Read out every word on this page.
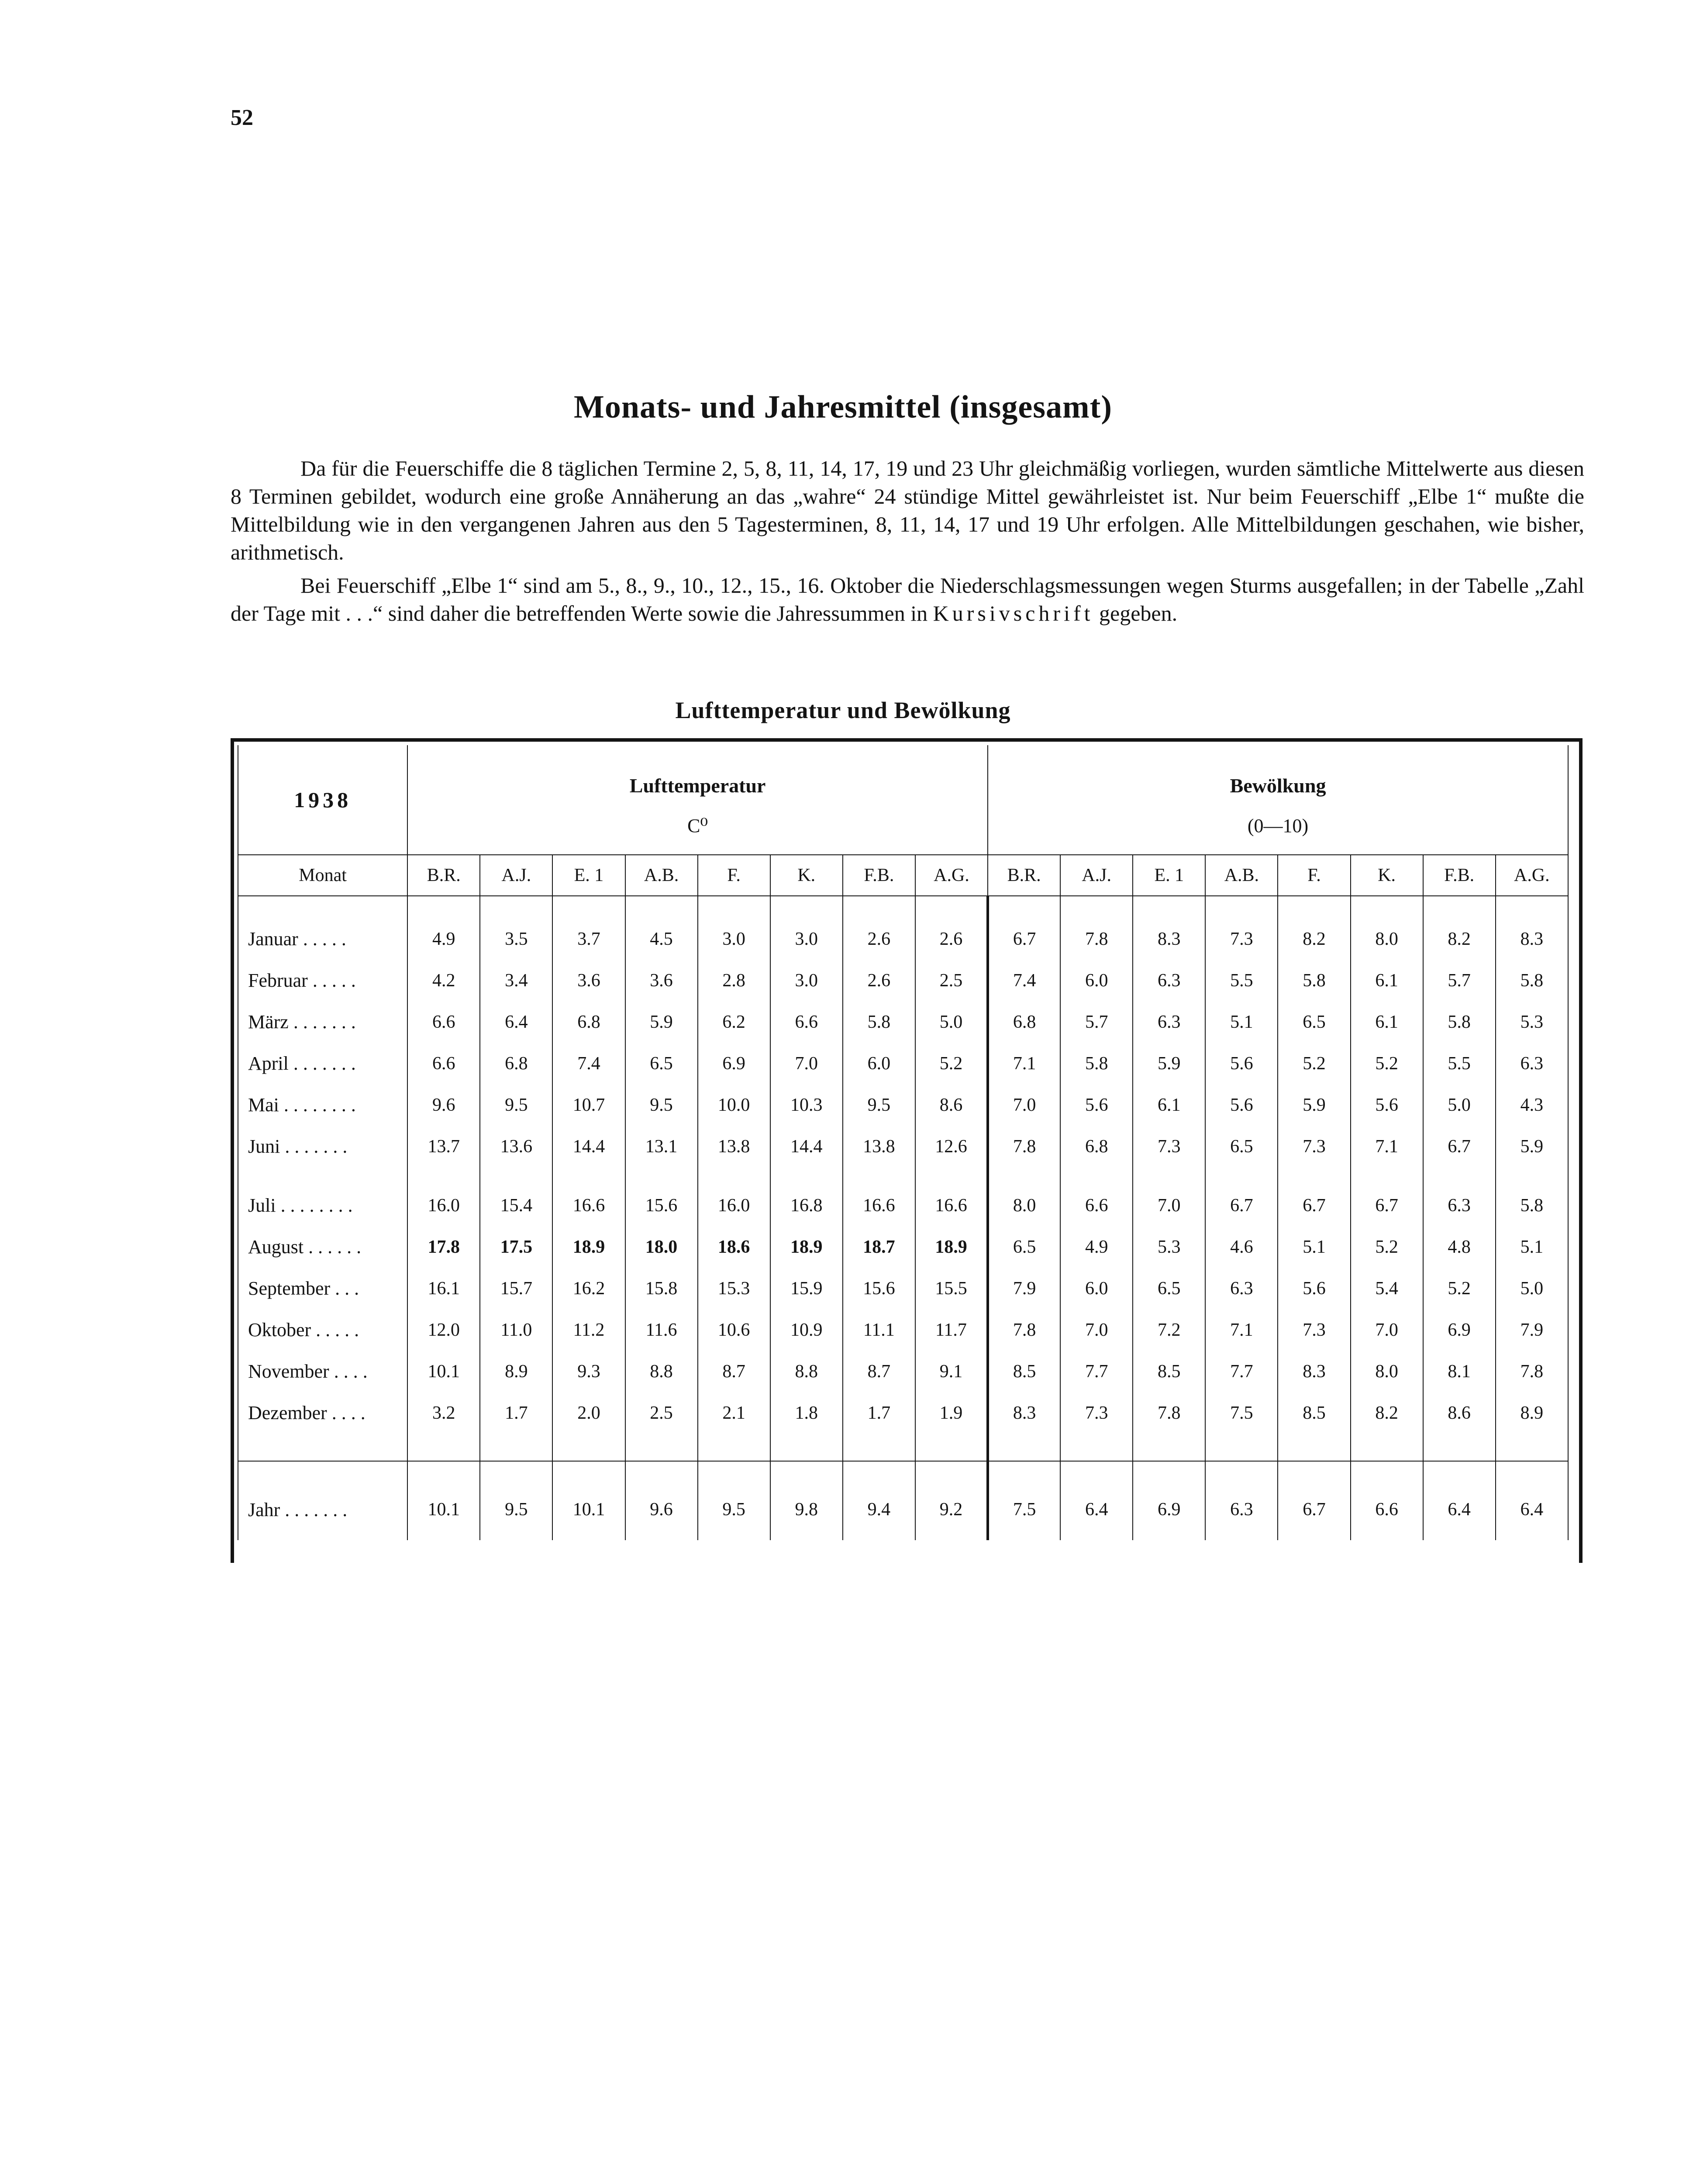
52
Monats- und Jahresmittel (insgesamt)

Da für die Feuerschiffe die 8 täglichen Termine 2, 5, 8, 11, 14, 17, 19 und 23 Uhr gleichmäßig vorliegen, wurden sämtliche Mittelwerte aus diesen 8 Terminen gebildet, wodurch eine große Annäherung an das „wahre“ 24 stündige Mittel gewährleistet ist. Nur beim Feuerschiff „Elbe 1“ mußte die Mittelbildung wie in den vergangenen Jahren aus den 5 Tagesterminen, 8, 11, 14, 17 und 19 Uhr erfolgen. Alle Mittelbildungen geschahen, wie bisher, arithmetisch.

Bei Feuerschiff „Elbe 1“ sind am 5., 8., 9., 10., 12., 15., 16. Oktober die Niederschlagsmessungen wegen Sturms ausgefallen; in der Tabelle „Zahl der Tage mit . . .“ sind daher die betreffenden Werte sowie die Jahressummen in Kursivschrift gegeben.

Lufttemperatur und Bewölkung
1938	Lufttemperatur
C⁰								Bewölkung
(0—10)							

Monat	B.R.	A.J.	E. 1	A.B.	F.	K.	F.B.	A.G.	B.R.	A.J.	E. 1	A.B.	F.	K.	F.B.	A.G.

Januar . . . . .	4.9	3.5	3.7	4.5	3.0	3.0	2.6	2.6	6.7	7.8	8.3	7.3	8.2	8.0	8.2	8.3
Februar . . . . .	4.2	3.4	3.6	3.6	2.8	3.0	2.6	2.5	7.4	6.0	6.3	5.5	5.8	6.1	5.7	5.8
März . . . . . . .	6.6	6.4	6.8	5.9	6.2	6.6	5.8	5.0	6.8	5.7	6.3	5.1	6.5	6.1	5.8	5.3
April . . . . . . .	6.6	6.8	7.4	6.5	6.9	7.0	6.0	5.2	7.1	5.8	5.9	5.6	5.2	5.2	5.5	6.3
Mai . . . . . . . .	9.6	9.5	10.7	9.5	10.0	10.3	9.5	8.6	7.0	5.6	6.1	5.6	5.9	5.6	5.0	4.3
Juni . . . . . . .	13.7	13.6	14.4	13.1	13.8	14.4	13.8	12.6	7.8	6.8	7.3	6.5	7.3	7.1	6.7	5.9

Juli . . . . . . . .	16.0	15.4	16.6	15.6	16.0	16.8	16.6	16.6	8.0	6.6	7.0	6.7	6.7	6.7	6.3	5.8
August . . . . . .	17.8	17.5	18.9	18.0	18.6	18.9	18.7	18.9	6.5	4.9	5.3	4.6	5.1	5.2	4.8	5.1
September . . .	16.1	15.7	16.2	15.8	15.3	15.9	15.6	15.5	7.9	6.0	6.5	6.3	5.6	5.4	5.2	5.0
Oktober . . . . .	12.0	11.0	11.2	11.6	10.6	10.9	11.1	11.7	7.8	7.0	7.2	7.1	7.3	7.0	6.9	7.9
November . . . .	10.1	8.9	9.3	8.8	8.7	8.8	8.7	9.1	8.5	7.7	8.5	7.7	8.3	8.0	8.1	7.8
Dezember . . . .	3.2	1.7	2.0	2.5	2.1	1.8	1.7	1.9	8.3	7.3	7.8	7.5	8.5	8.2	8.6	8.9

Jahr . . . . . . .	10.1	9.5	10.1	9.6	9.5	9.8	9.4	9.2	7.5	6.4	6.9	6.3	6.7	6.6	6.4	6.4
